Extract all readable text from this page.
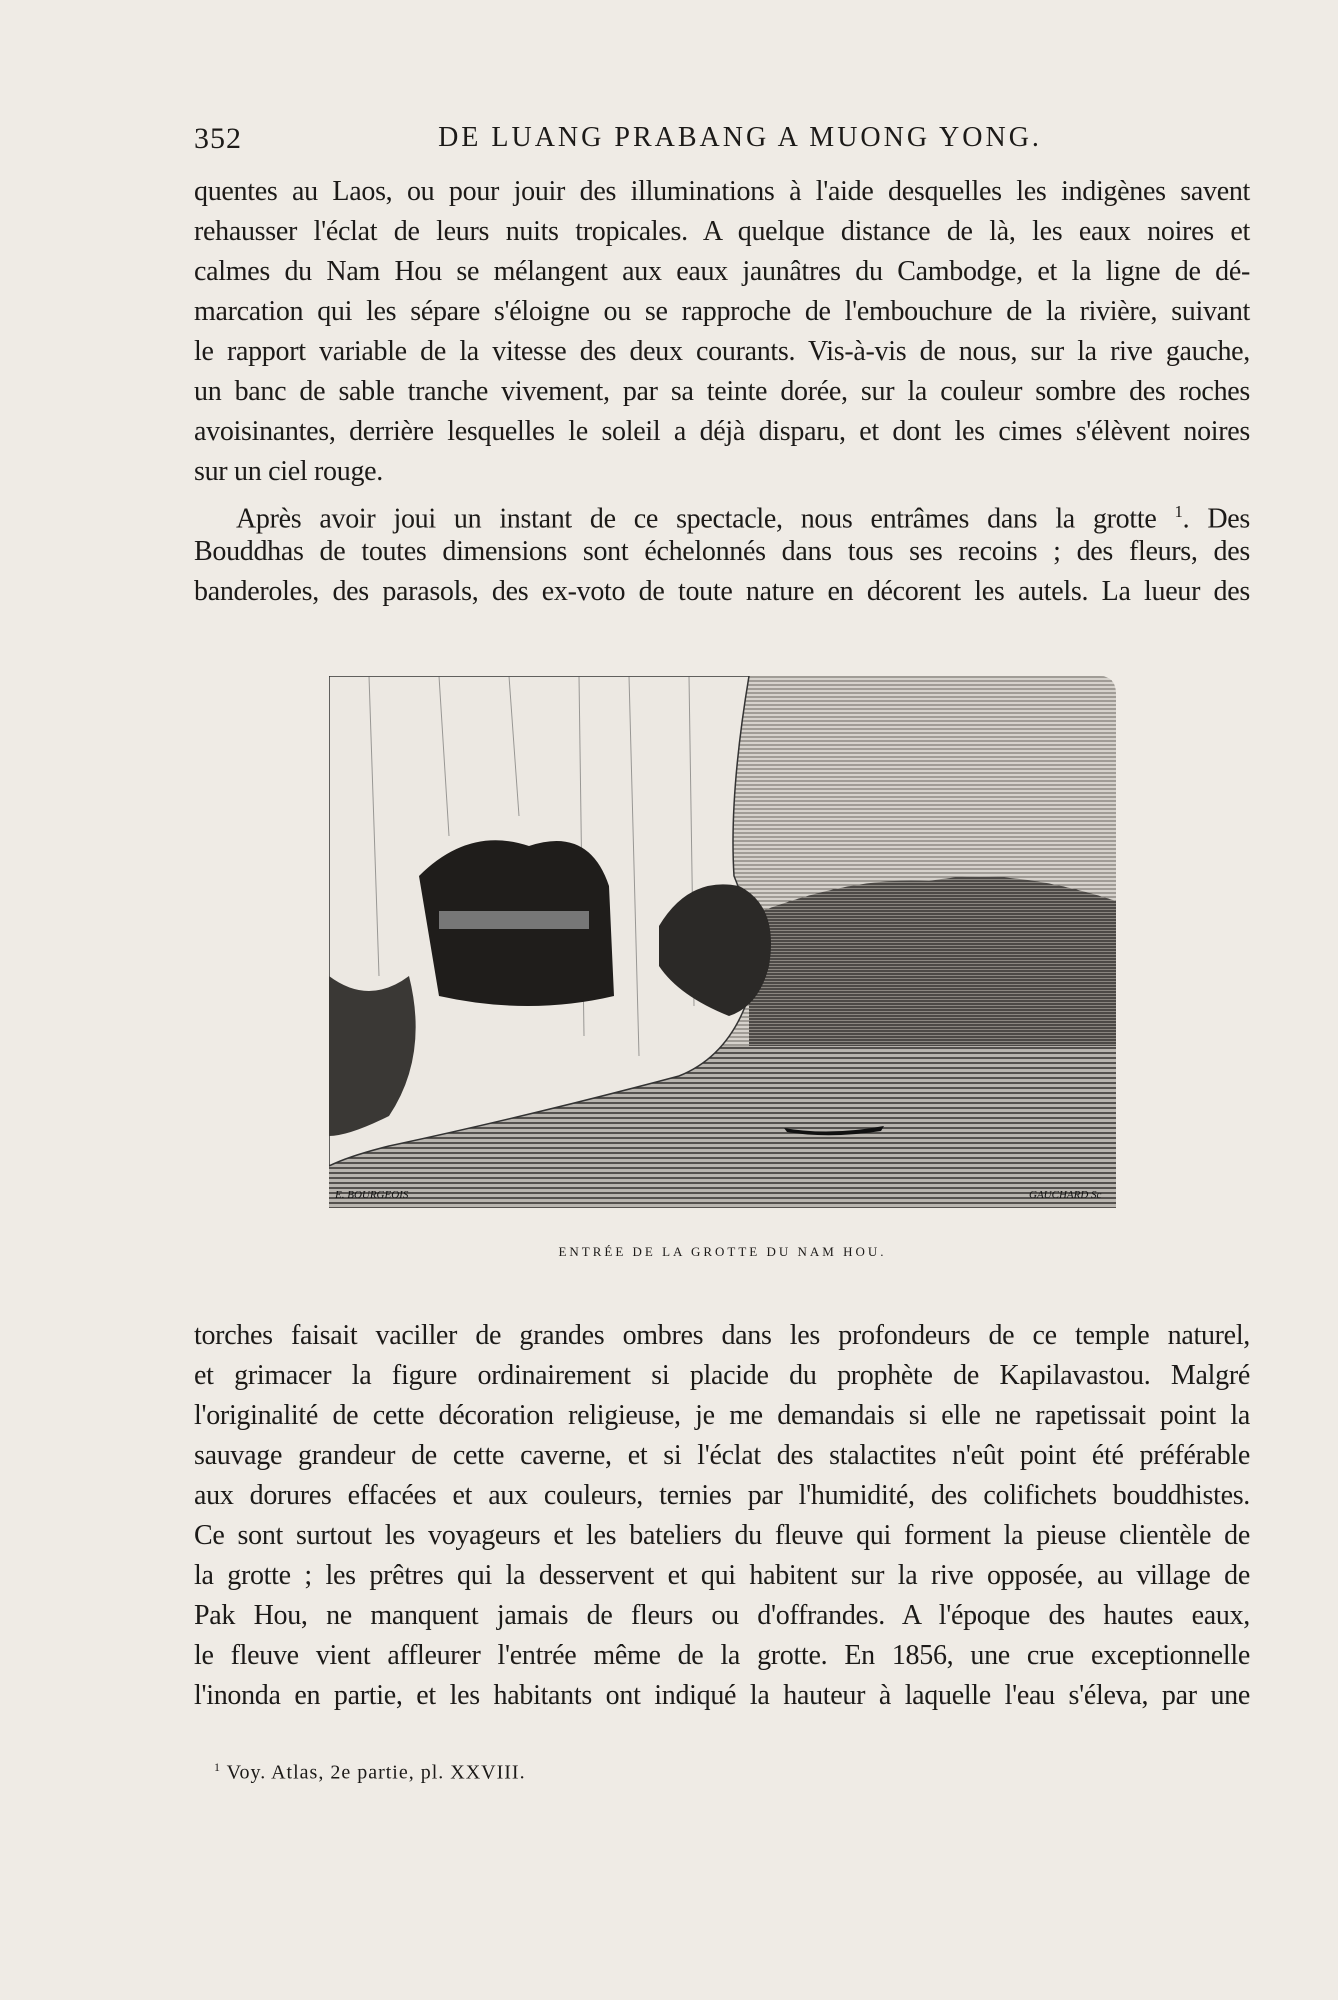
352	DE LUANG PRABANG A MUONG YONG.
quentes au Laos, ou pour jouir des illuminations à l'aide desquelles les indigènes savent
rehausser l'éclat de leurs nuits tropicales. A quelque distance de là, les eaux noires et
calmes du Nam Hou se mélangent aux eaux jaunâtres du Cambodge, et la ligne de dé-
marcation qui les sépare s'éloigne ou se rapproche de l'embouchure de la rivière, suivant
le rapport variable de la vitesse des deux courants. Vis-à-vis de nous, sur la rive gauche,
un banc de sable tranche vivement, par sa teinte dorée, sur la couleur sombre des roches
avoisinantes, derrière lesquelles le soleil a déjà disparu, et dont les cimes s'élèvent noires
sur un ciel rouge.
Après avoir joui un instant de ce spectacle, nous entrâmes dans la grotte $^1$. Des
Bouddhas de toutes dimensions sont échelonnés dans tous ses recoins ; des fleurs, des
banderoles, des parasols, des ex-voto de toute nature en décorent les autels. La lueur des
E. BOURGEOIS	GAUCHARD Sc
ENTRÉE DE LA GROTTE DU NAM HOU.
torches faisait vaciller de grandes ombres dans les profondeurs de ce temple naturel,
et grimacer la figure ordinairement si placide du prophète de Kapilavastou. Malgré
l'originalité de cette décoration religieuse, je me demandais si elle ne rapetissait point la
sauvage grandeur de cette caverne, et si l'éclat des stalactites n'eût point été préférable
aux dorures effacées et aux couleurs, ternies par l'humidité, des colifichets bouddhistes.
Ce sont surtout les voyageurs et les bateliers du fleuve qui forment la pieuse clientèle de
la grotte ; les prêtres qui la desservent et qui habitent sur la rive opposée, au village de
Pak Hou, ne manquent jamais de fleurs ou d'offrandes. A l'époque des hautes eaux,
le fleuve vient affleurer l'entrée même de la grotte. En 1856, une crue exceptionnelle
l'inonda en partie, et les habitants ont indiqué la hauteur à laquelle l'eau s'éleva, par une
$^1$ Voy. Atlas, 2e partie, pl. XXVIII.
